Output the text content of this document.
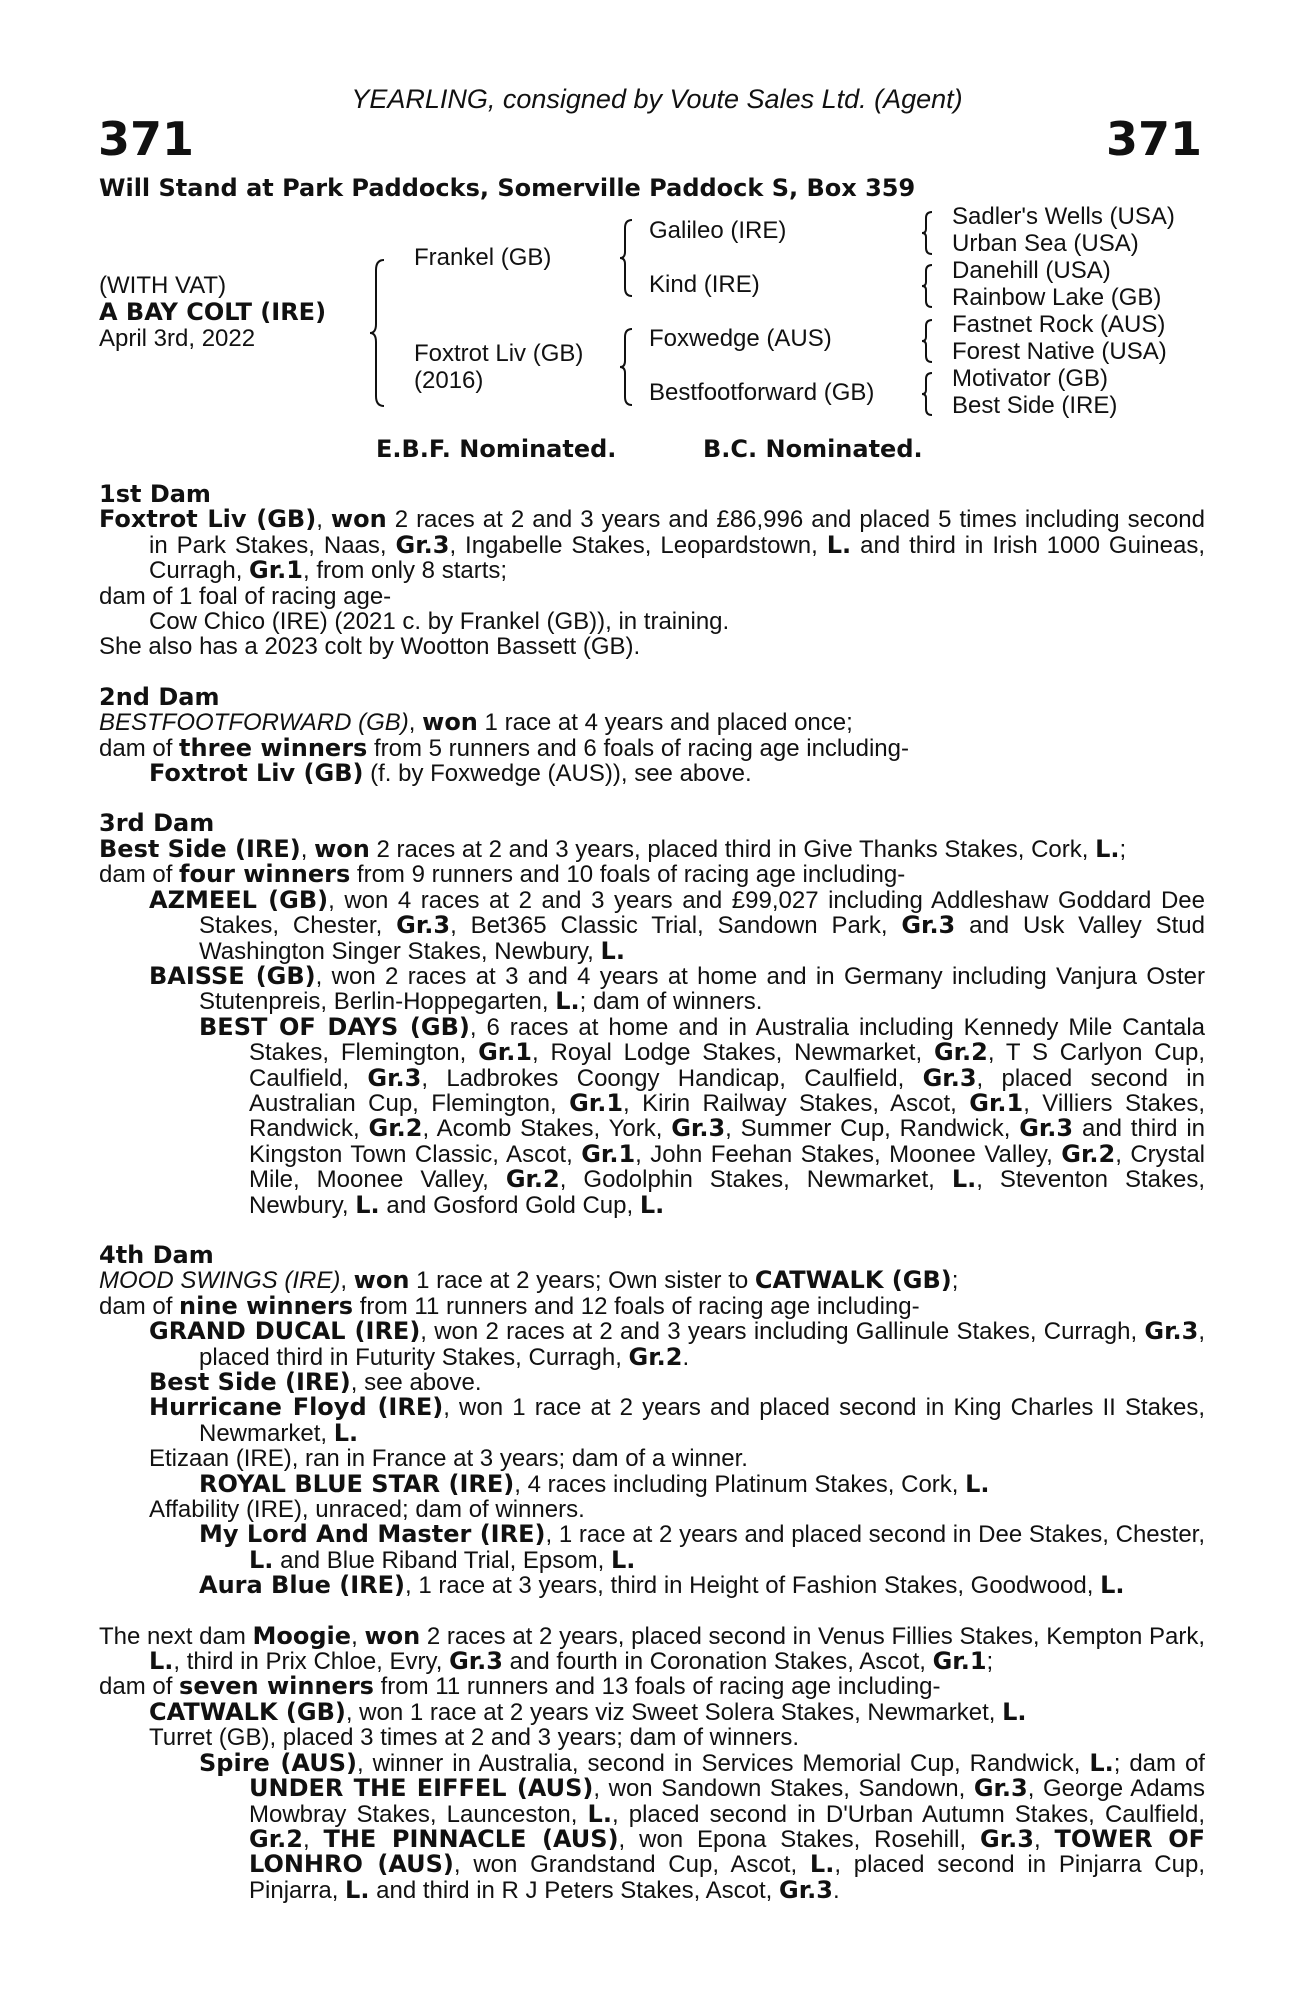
YEARLING, consigned by Voute Sales Ltd. (Agent)
371	371
Will Stand at Park Paddocks, Somerville Paddock S, Box 359
(WITH VAT)
A BAY COLT (IRE)
April 3rd, 2022
Frankel (GB)
Foxtrot Liv (GB)
(2016)
Galileo (IRE)
Kind (IRE)
Foxwedge (AUS)
Bestfootforward (GB)
Sadler's Wells (USA)
Urban Sea (USA)
Danehill (USA)
Rainbow Lake (GB)
Fastnet Rock (AUS)
Forest Native (USA)
Motivator (GB)
Best Side (IRE)
E.B.F. Nominated.	B.C. Nominated.

1st Dam

Foxtrot Liv (GB), won 2 races at 2 and 3 years and £86,996 and placed 5 times including second in Park Stakes, Naas, Gr.3, Ingabelle Stakes, Leopardstown, L. and third in Irish 1000 Guineas, Curragh, Gr.1, from only 8 starts;

dam of 1 foal of racing age-

Cow Chico (IRE) (2021 c. by Frankel (GB)), in training.

She also has a 2023 colt by Wootton Bassett (GB).

2nd Dam

BESTFOOTFORWARD (GB), won 1 race at 4 years and placed once;

dam of three winners from 5 runners and 6 foals of racing age including-

Foxtrot Liv (GB) (f. by Foxwedge (AUS)), see above.

3rd Dam

Best Side (IRE), won 2 races at 2 and 3 years, placed third in Give Thanks Stakes, Cork, L.;

dam of four winners from 9 runners and 10 foals of racing age including-

AZMEEL (GB), won 4 races at 2 and 3 years and £99,027 including Addleshaw Goddard Dee Stakes, Chester, Gr.3, Bet365 Classic Trial, Sandown Park, Gr.3 and Usk Valley Stud Washington Singer Stakes, Newbury, L.

BAISSE (GB), won 2 races at 3 and 4 years at home and in Germany including Vanjura Oster Stutenpreis, Berlin-Hoppegarten, L.; dam of winners.

BEST OF DAYS (GB), 6 races at home and in Australia including Kennedy Mile Cantala Stakes, Flemington, Gr.1, Royal Lodge Stakes, Newmarket, Gr.2, T S Carlyon Cup, Caulfield, Gr.3, Ladbrokes Coongy Handicap, Caulfield, Gr.3, placed second in Australian Cup, Flemington, Gr.1, Kirin Railway Stakes, Ascot, Gr.1, Villiers Stakes, Randwick, Gr.2, Acomb Stakes, York, Gr.3, Summer Cup, Randwick, Gr.3 and third in Kingston Town Classic, Ascot, Gr.1, John Feehan Stakes, Moonee Valley, Gr.2, Crystal Mile, Moonee Valley, Gr.2, Godolphin Stakes, Newmarket, L., Steventon Stakes, Newbury, L. and Gosford Gold Cup, L.

4th Dam

MOOD SWINGS (IRE), won 1 race at 2 years; Own sister to CATWALK (GB);

dam of nine winners from 11 runners and 12 foals of racing age including-

GRAND DUCAL (IRE), won 2 races at 2 and 3 years including Gallinule Stakes, Curragh, Gr.3, placed third in Futurity Stakes, Curragh, Gr.2.

Best Side (IRE), see above.

Hurricane Floyd (IRE), won 1 race at 2 years and placed second in King Charles II Stakes, Newmarket, L.

Etizaan (IRE), ran in France at 3 years; dam of a winner.

ROYAL BLUE STAR (IRE), 4 races including Platinum Stakes, Cork, L.

Affability (IRE), unraced; dam of winners.

My Lord And Master (IRE), 1 race at 2 years and placed second in Dee Stakes, Chester, L. and Blue Riband Trial, Epsom, L.

Aura Blue (IRE), 1 race at 3 years, third in Height of Fashion Stakes, Goodwood, L.

The next dam Moogie, won 2 races at 2 years, placed second in Venus Fillies Stakes, Kempton Park, L., third in Prix Chloe, Evry, Gr.3 and fourth in Coronation Stakes, Ascot, Gr.1;

dam of seven winners from 11 runners and 13 foals of racing age including-

CATWALK (GB), won 1 race at 2 years viz Sweet Solera Stakes, Newmarket, L.

Turret (GB), placed 3 times at 2 and 3 years; dam of winners.

Spire (AUS), winner in Australia, second in Services Memorial Cup, Randwick, L.; dam of UNDER THE EIFFEL (AUS), won Sandown Stakes, Sandown, Gr.3, George Adams Mowbray Stakes, Launceston, L., placed second in D'Urban Autumn Stakes, Caulfield, Gr.2, THE PINNACLE (AUS), won Epona Stakes, Rosehill, Gr.3, TOWER OF LONHRO (AUS), won Grandstand Cup, Ascot, L., placed second in Pinjarra Cup, Pinjarra, L. and third in R J Peters Stakes, Ascot, Gr.3.
